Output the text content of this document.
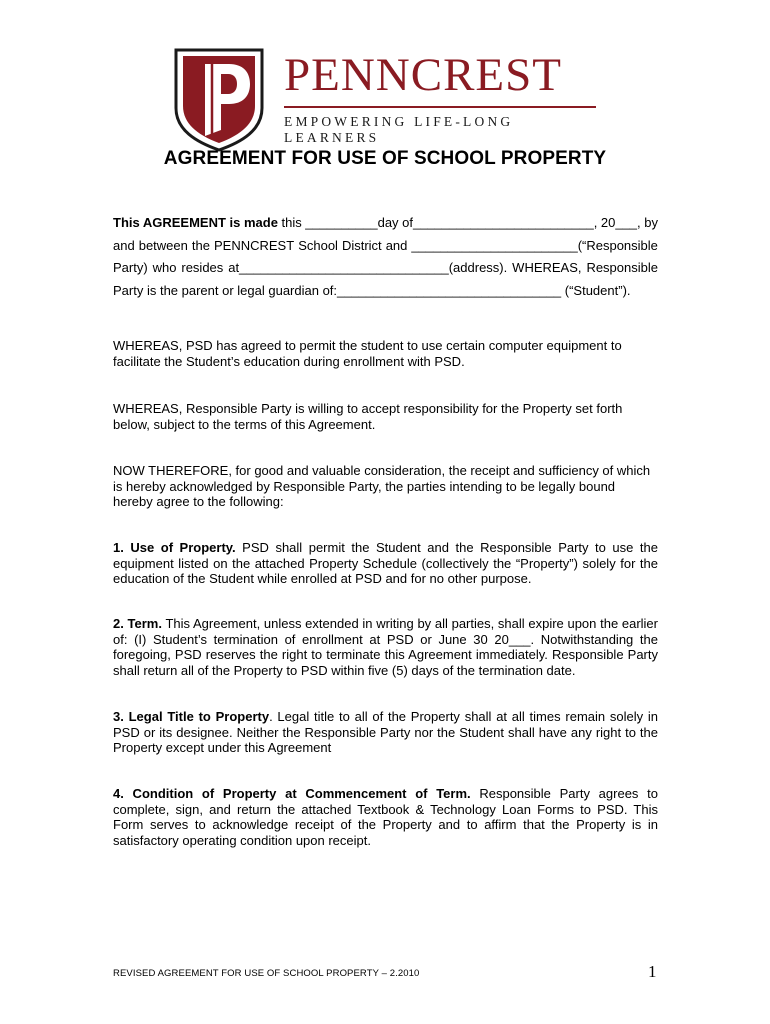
PENNCREST
EMPOWERING LIFE-LONG LEARNERS
AGREEMENT FOR USE OF SCHOOL PROPERTY
This AGREEMENT is made this __________day of_________________________, 20___, by
and between the PENNCREST School District and _______________________(“Responsible
Party) who resides at_____________________________(address). WHEREAS, Responsible
Party is the parent or legal guardian of:_______________________________ (“Student”).
WHEREAS, PSD has agreed to permit the student to use certain computer equipment to facilitate the Student’s education during enrollment with PSD.
WHEREAS, Responsible Party is willing to accept responsibility for the Property set forth below, subject to the terms of this Agreement.
NOW THEREFORE, for good and valuable consideration, the receipt and sufficiency of which is hereby acknowledged by Responsible Party, the parties intending to be legally bound hereby agree to the following:
1. Use of Property. PSD shall permit the Student and the Responsible Party to use the equipment listed on the attached Property Schedule (collectively the “Property”) solely for the education of the Student while enrolled at PSD and for no other purpose.
2. Term. This Agreement, unless extended in writing by all parties, shall expire upon the earlier of: (I) Student’s termination of enrollment at PSD or June 30 20___. Notwithstanding the foregoing, PSD reserves the right to terminate this Agreement immediately. Responsible Party shall return all of the Property to PSD within five (5) days of the termination date.
3. Legal Title to Property. Legal title to all of the Property shall at all times remain solely in PSD or its designee. Neither the Responsible Party nor the Student shall have any right to the Property except under this Agreement
4. Condition of Property at Commencement of Term. Responsible Party agrees to complete, sign, and return the attached Textbook & Technology Loan Forms to PSD. This Form serves to acknowledge receipt of the Property and to affirm that the Property is in satisfactory operating condition upon receipt.
REVISED AGREEMENT FOR USE OF SCHOOL PROPERTY – 2.2010	1
